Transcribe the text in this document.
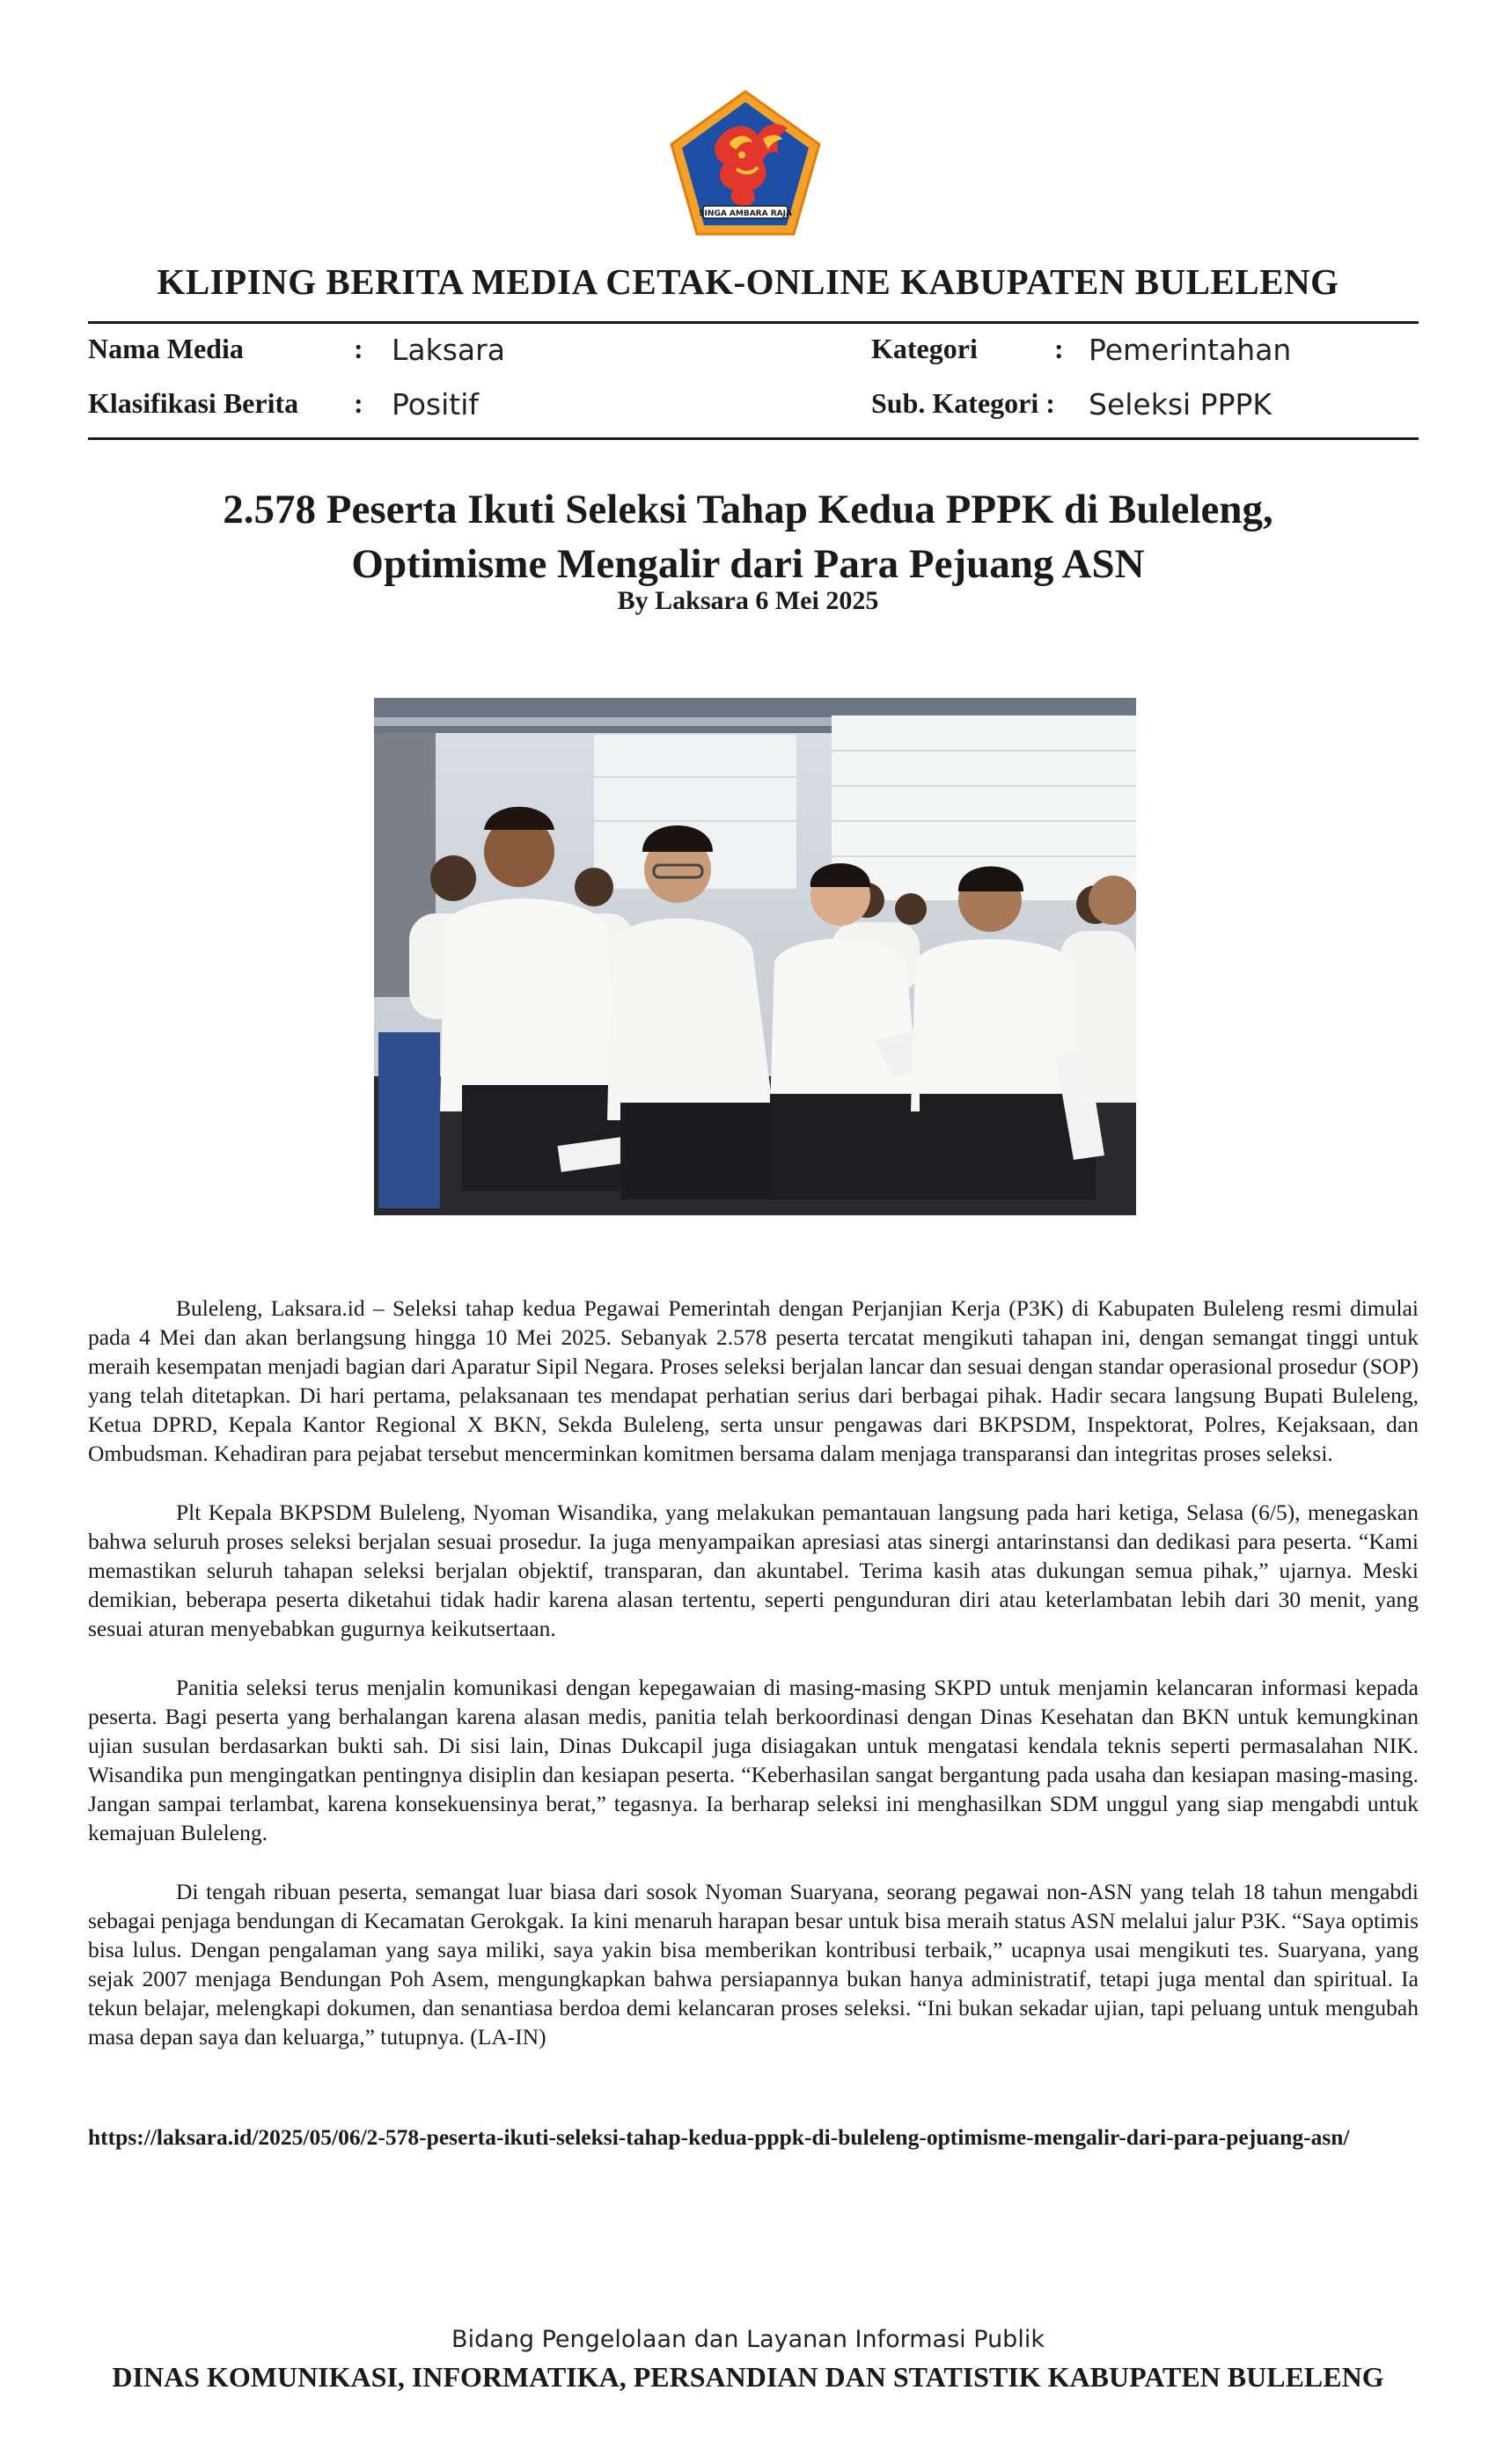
SINGA AMBARA RAJA
KLIPING BERITA MEDIA CETAK-ONLINE KABUPATEN BULELENG
Nama Media	: Laksara	Kategori	: Pemerintahan
Klasifikasi Berita : Positif	Sub. Kategori : Seleksi PPPK
2.578 Peserta Ikuti Seleksi Tahap Kedua PPPK di Buleleng,
Optimisme Mengalir dari Para Pejuang ASN
By Laksara 6 Mei 2025

Buleleng, Laksara.id – Seleksi tahap kedua Pegawai Pemerintah dengan Perjanjian Kerja (P3K) di Kabupaten Buleleng resmi dimulai pada 4 Mei dan akan berlangsung hingga 10 Mei 2025. Sebanyak 2.578 peserta tercatat mengikuti tahapan ini, dengan semangat tinggi untuk meraih kesempatan menjadi bagian dari Aparatur Sipil Negara. Proses seleksi berjalan lancar dan sesuai dengan standar operasional prosedur (SOP) yang telah ditetapkan. Di hari pertama, pelaksanaan tes mendapat perhatian serius dari berbagai pihak. Hadir secara langsung Bupati Buleleng, Ketua DPRD, Kepala Kantor Regional X BKN, Sekda Buleleng, serta unsur pengawas dari BKPSDM, Inspektorat, Polres, Kejaksaan, dan Ombudsman. Kehadiran para pejabat tersebut mencerminkan komitmen bersama dalam menjaga transparansi dan integritas proses seleksi.

Plt Kepala BKPSDM Buleleng, Nyoman Wisandika, yang melakukan pemantauan langsung pada hari ketiga, Selasa (6/5), menegaskan bahwa seluruh proses seleksi berjalan sesuai prosedur. Ia juga menyampaikan apresiasi atas sinergi antarinstansi dan dedikasi para peserta. “Kami memastikan seluruh tahapan seleksi berjalan objektif, transparan, dan akuntabel. Terima kasih atas dukungan semua pihak,” ujarnya. Meski demikian, beberapa peserta diketahui tidak hadir karena alasan tertentu, seperti pengunduran diri atau keterlambatan lebih dari 30 menit, yang sesuai aturan menyebabkan gugurnya keikutsertaan.

Panitia seleksi terus menjalin komunikasi dengan kepegawaian di masing-masing SKPD untuk menjamin kelancaran informasi kepada peserta. Bagi peserta yang berhalangan karena alasan medis, panitia telah berkoordinasi dengan Dinas Kesehatan dan BKN untuk kemungkinan ujian susulan berdasarkan bukti sah. Di sisi lain, Dinas Dukcapil juga disiagakan untuk mengatasi kendala teknis seperti permasalahan NIK. Wisandika pun mengingatkan pentingnya disiplin dan kesiapan peserta. “Keberhasilan sangat bergantung pada usaha dan kesiapan masing-masing. Jangan sampai terlambat, karena konsekuensinya berat,” tegasnya. Ia berharap seleksi ini menghasilkan SDM unggul yang siap mengabdi untuk kemajuan Buleleng.

Di tengah ribuan peserta, semangat luar biasa dari sosok Nyoman Suaryana, seorang pegawai non-ASN yang telah 18 tahun mengabdi sebagai penjaga bendungan di Kecamatan Gerokgak. Ia kini menaruh harapan besar untuk bisa meraih status ASN melalui jalur P3K. “Saya optimis bisa lulus. Dengan pengalaman yang saya miliki, saya yakin bisa memberikan kontribusi terbaik,” ucapnya usai mengikuti tes. Suaryana, yang sejak 2007 menjaga Bendungan Poh Asem, mengungkapkan bahwa persiapannya bukan hanya administratif, tetapi juga mental dan spiritual. Ia tekun belajar, melengkapi dokumen, dan senantiasa berdoa demi kelancaran proses seleksi. “Ini bukan sekadar ujian, tapi peluang untuk mengubah masa depan saya dan keluarga,” tutupnya. (LA-IN)

https://laksara.id/2025/05/06/2-578-peserta-ikuti-seleksi-tahap-kedua-pppk-di-buleleng-optimisme-mengalir-dari-para-pejuang-asn/
Bidang Pengelolaan dan Layanan Informasi Publik
DINAS KOMUNIKASI, INFORMATIKA, PERSANDIAN DAN STATISTIK KABUPATEN BULELENG
